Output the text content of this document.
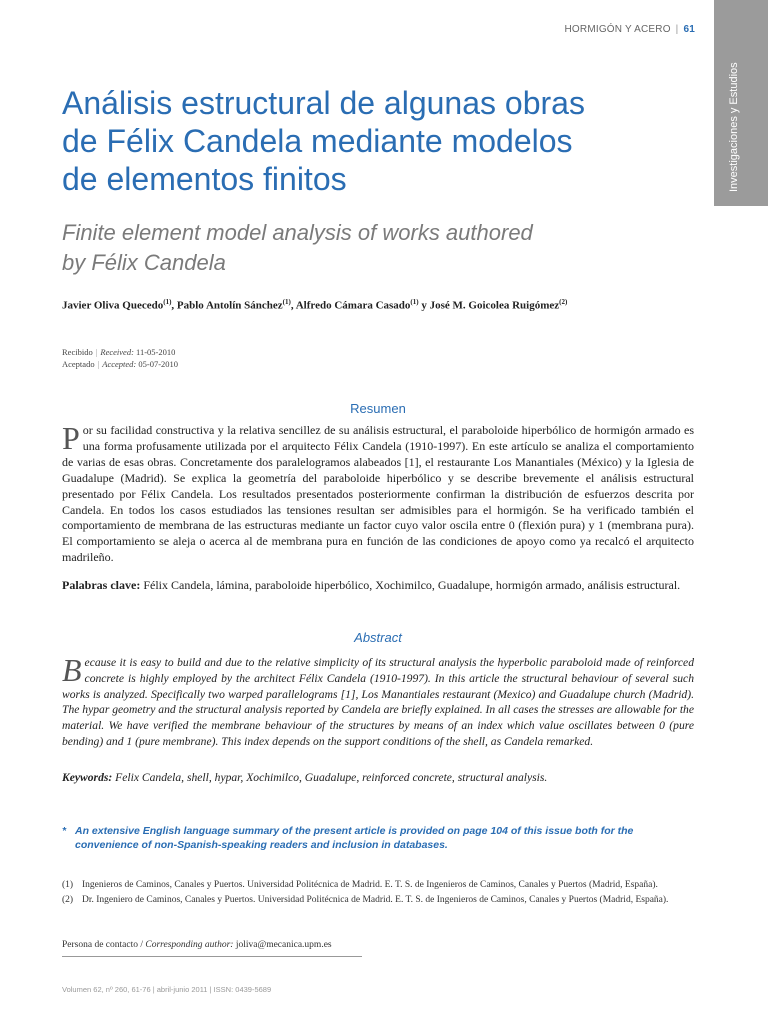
HORMIGÓN Y ACERO | 61
Investigaciones y Estudios
Análisis estructural de algunas obras
de Félix Candela mediante modelos
de elementos finitos
Finite element model analysis of works authored
by Félix Candela
Javier Oliva Quecedo$^{(1)}$, Pablo Antolín Sánchez$^{(1)}$, Alfredo Cámara Casado$^{(1)}$ y José M. Goicolea Ruigómez$^{(2)}$
Recibido | Received: 11-05-2010
Aceptado | Accepted: 05-07-2010
Resumen
Por su facilidad constructiva y la relativa sencillez de su análisis estructural, el paraboloide hiperbólico de hormigón armado es una forma profusamente utilizada por el arquitecto Félix Candela (1910-1997). En este artículo se analiza el comportamiento de varias de esas obras. Concretamente dos paralelogramos alabeados [1], el restaurante Los Manantiales (México) y la Iglesia de Guadalupe (Madrid). Se explica la geometría del paraboloide hiperbólico y se describe brevemente el análisis estructural presentado por Félix Candela. Los resultados presentados posteriormente confirman la distribución de esfuerzos descrita por Candela. En todos los casos estudiados las tensiones resultan ser admisibles para el hormigón. Se ha verificado también el comportamiento de membrana de las estructuras mediante un factor cuyo valor oscila entre 0 (flexión pura) y 1 (membrana pura). El comportamiento se aleja o acerca al de membrana pura en función de las condiciones de apoyo como ya recalcó el arquitecto madrileño.
Palabras clave: Félix Candela, lámina, paraboloide hiperbólico, Xochimilco, Guadalupe, hormigón armado, análisis estructural.
Abstract
Because it is easy to build and due to the relative simplicity of its structural analysis the hyperbolic paraboloid made of reinforced concrete is highly employed by the architect Félix Candela (1910-1997). In this article the structural behaviour of several such works is analyzed. Specifically two warped parallelograms [1], Los Manantiales restaurant (Mexico) and Guadalupe church (Madrid). The hypar geometry and the structural analysis reported by Candela are briefly explained. In all cases the stresses are allowable for the material. We have verified the membrane behaviour of the structures by means of an index which value oscillates between 0 (pure bending) and 1 (pure membrane). This index depends on the support conditions of the shell, as Candela remarked.
Keywords: Felix Candela, shell, hypar, Xochimilco, Guadalupe, reinforced concrete, structural analysis.
* An extensive English language summary of the present article is provided on page 104 of this issue both for the convenience of non-Spanish-speaking readers and inclusion in databases.
(1) Ingenieros de Caminos, Canales y Puertos. Universidad Politécnica de Madrid. E. T. S. de Ingenieros de Caminos, Canales y Puertos (Madrid, España).
(2) Dr. Ingeniero de Caminos, Canales y Puertos. Universidad Politécnica de Madrid. E. T. S. de Ingenieros de Caminos, Canales y Puertos (Madrid, España).
Persona de contacto / Corresponding author: joliva@mecanica.upm.es
Volumen 62, nº 260, 61-76 | abril-junio 2011 | ISSN: 0439-5689
